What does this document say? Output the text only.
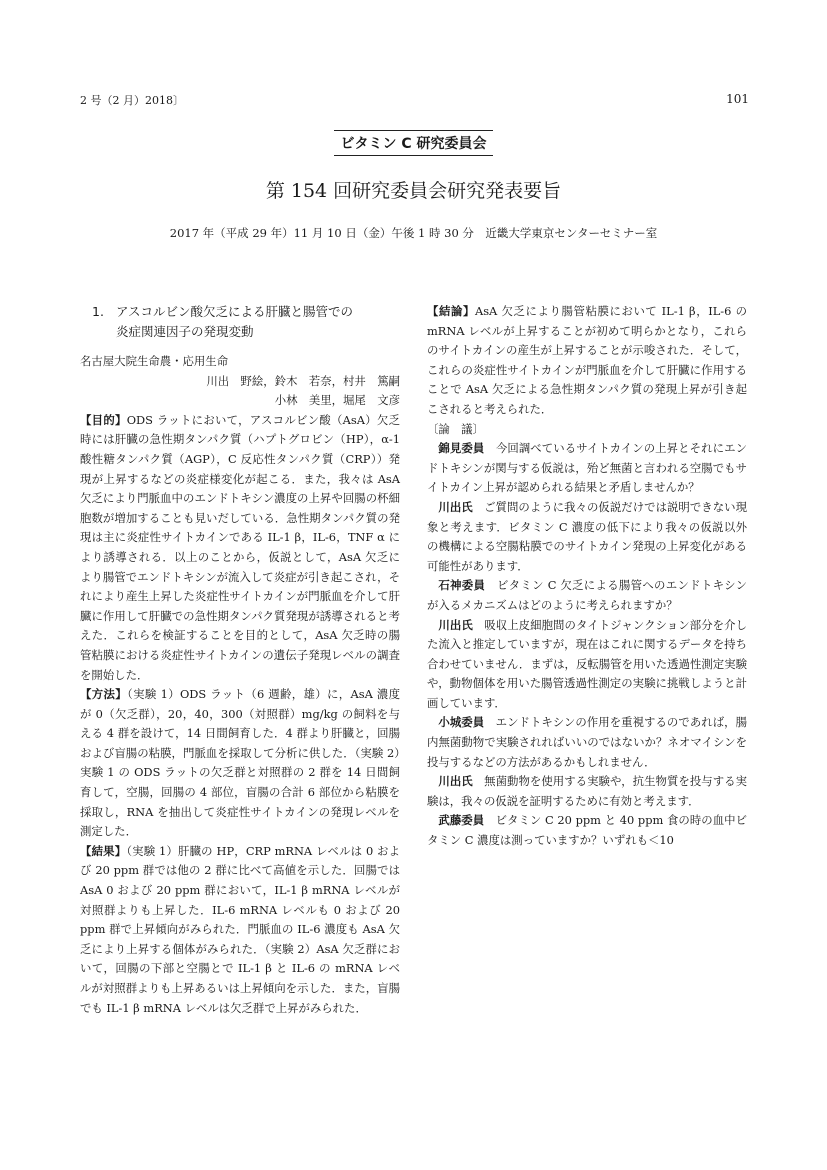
2 号（2 月）2018〕	101
ビタミン C 研究委員会
第 154 回研究委員会研究発表要旨
2017 年（平成 29 年）11 月 10 日（金）午後 1 時 30 分　近畿大学東京センターセミナー室
1. アスコルビン酸欠乏による肝臓と腸管での
炎症関連因子の発現変動

名古屋大院生命農・応用生命

川出　野絵，鈴木　若奈，村井　篤嗣

小林　美里，堀尾　文彦

【目的】ODS ラットにおいて，アスコルビン酸（AsA）欠乏時には肝臓の急性期タンパク質（ハプトグロビン（HP），α-1 酸性糖タンパク質（AGP），C 反応性タンパク質（CRP））発現が上昇するなどの炎症様変化が起こる．また，我々は AsA 欠乏により門脈血中のエンドトキシン濃度の上昇や回腸の杯細胞数が増加することも見いだしている．急性期タンパク質の発現は主に炎症性サイトカインである IL-1 β，IL-6，TNF α により誘導される．以上のことから，仮説として，AsA 欠乏により腸管でエンドトキシンが流入して炎症が引き起こされ，それにより産生上昇した炎症性サイトカインが門脈血を介して肝臓に作用して肝臓での急性期タンパク質発現が誘導されると考えた．これらを検証することを目的として，AsA 欠乏時の腸管粘膜における炎症性サイトカインの遺伝子発現レベルの調査を開始した．

【方法】（実験 1）ODS ラット（6 週齢，雄）に，AsA 濃度が 0（欠乏群），20，40，300（対照群）mg/kg の飼料を与える 4 群を設けて，14 日間飼育した．4 群より肝臓と，回腸および盲腸の粘膜，門脈血を採取して分析に供した．（実験 2）実験 1 の ODS ラットの欠乏群と対照群の 2 群を 14 日間飼育して，空腸，回腸の 4 部位，盲腸の合計 6 部位から粘膜を採取し，RNA を抽出して炎症性サイトカインの発現レベルを測定した．

【結果】（実験 1）肝臓の HP，CRP mRNA レベルは 0 および 20 ppm 群では他の 2 群に比べて高値を示した．回腸では AsA 0 および 20 ppm 群において，IL-1 β mRNA レベルが対照群よりも上昇した．IL-6 mRNA レベルも 0 および 20 ppm 群で上昇傾向がみられた．門脈血の IL-6 濃度も AsA 欠乏により上昇する個体がみられた．（実験 2）AsA 欠乏群において，回腸の下部と空腸とで IL-1 β と IL-6 の mRNA レベルが対照群よりも上昇あるいは上昇傾向を示した．また，盲腸でも IL-1 β mRNA レベルは欠乏群で上昇がみられた．

【結論】AsA 欠乏により腸管粘膜において IL-1 β，IL-6 の mRNA レベルが上昇することが初めて明らかとなり，これらのサイトカインの産生が上昇することが示唆された．そして，これらの炎症性サイトカインが門脈血を介して肝臓に作用することで AsA 欠乏による急性期タンパク質の発現上昇が引き起こされると考えられた．

〔論　議〕

錦見委員　 今回調べているサイトカインの上昇とそれにエンドトキシンが関与する仮説は，殆ど無菌と言われる空腸でもサイトカイン上昇が認められる結果と矛盾しませんか？

川出氏　 ご質問のように我々の仮説だけでは説明できない現象と考えます．ビタミン C 濃度の低下により我々の仮説以外の機構による空腸粘膜でのサイトカイン発現の上昇変化がある可能性があります．

石神委員　 ビタミン C 欠乏による腸管へのエンドトキシンが入るメカニズムはどのように考えられますか？

川出氏　 吸収上皮細胞間のタイトジャンクション部分を介した流入と推定していますが，現在はこれに関するデータを持ち合わせていません．まずは，反転腸管を用いた透過性測定実験や，動物個体を用いた腸管透過性測定の実験に挑戦しようと計画しています．

小城委員　 エンドトキシンの作用を重視するのであれば，腸内無菌動物で実験されればいいのではないか？ネオマイシンを投与するなどの方法があるかもしれません．

川出氏　 無菌動物を使用する実験や，抗生物質を投与する実験は，我々の仮説を証明するために有効と考えます．

武藤委員　 ビタミン C 20 ppm と 40 ppm 食の時の血中ビタミン C 濃度は測っていますか？いずれも＜10
